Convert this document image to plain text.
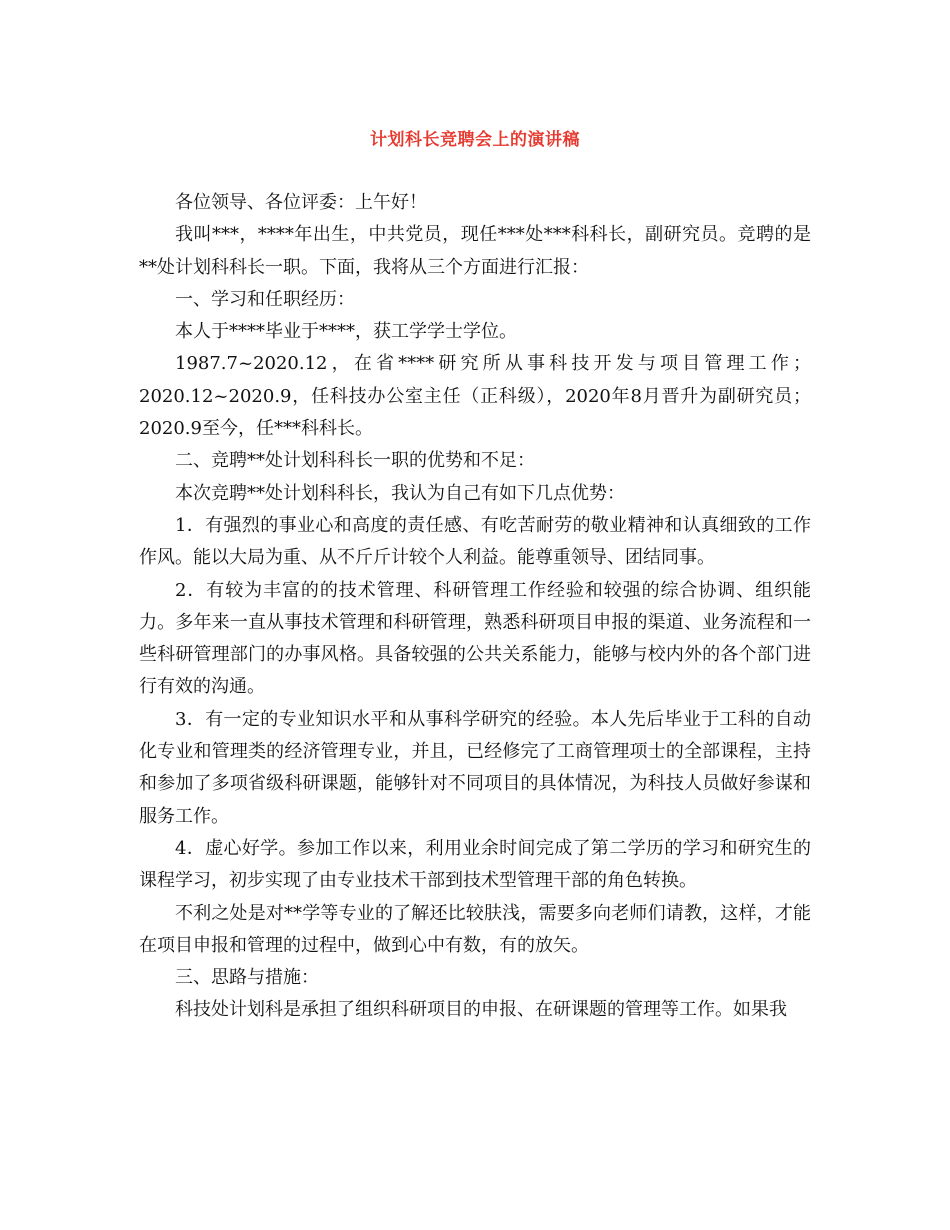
计划科长竞聘会上的演讲稿

各位领导、各位评委：上午好！

我叫***，****年出生，中共党员，现任***处***科科长，副研究员。竞聘的是**处计划科科长一职。下面，我将从三个方面进行汇报：

一、学习和任职经历：

本人于****毕业于****，获工学学士学位。

1987.7~2020.12，在省****研究所从事科技开发与项目管理工作；2020.12~2020.9，任科技办公室主任（正科级），2020年8月晋升为副研究员；2020.9至今，任***科科长。

二、竞聘**处计划科科长一职的优势和不足：

本次竞聘**处计划科科长，我认为自己有如下几点优势：

1．有强烈的事业心和高度的责任感、有吃苦耐劳的敬业精神和认真细致的工作作风。能以大局为重、从不斤斤计较个人利益。能尊重领导、团结同事。

2．有较为丰富的的技术管理、科研管理工作经验和较强的综合协调、组织能力。多年来一直从事技术管理和科研管理，熟悉科研项目申报的渠道、业务流程和一些科研管理部门的办事风格。具备较强的公共关系能力，能够与校内外的各个部门进行有效的沟通。

3．有一定的专业知识水平和从事科学研究的经验。本人先后毕业于工科的自动化专业和管理类的经济管理专业，并且，已经修完了工商管理项士的全部课程，主持和参加了多项省级科研课题，能够针对不同项目的具体情况，为科技人员做好参谋和服务工作。

4．虚心好学。参加工作以来，利用业余时间完成了第二学历的学习和研究生的课程学习，初步实现了由专业技术干部到技术型管理干部的角色转换。

不利之处是对**学等专业的了解还比较肤浅，需要多向老师们请教，这样，才能在项目申报和管理的过程中，做到心中有数，有的放矢。

三、思路与措施：

科技处计划科是承担了组织科研项目的申报、在研课题的管理等工作。如果我
